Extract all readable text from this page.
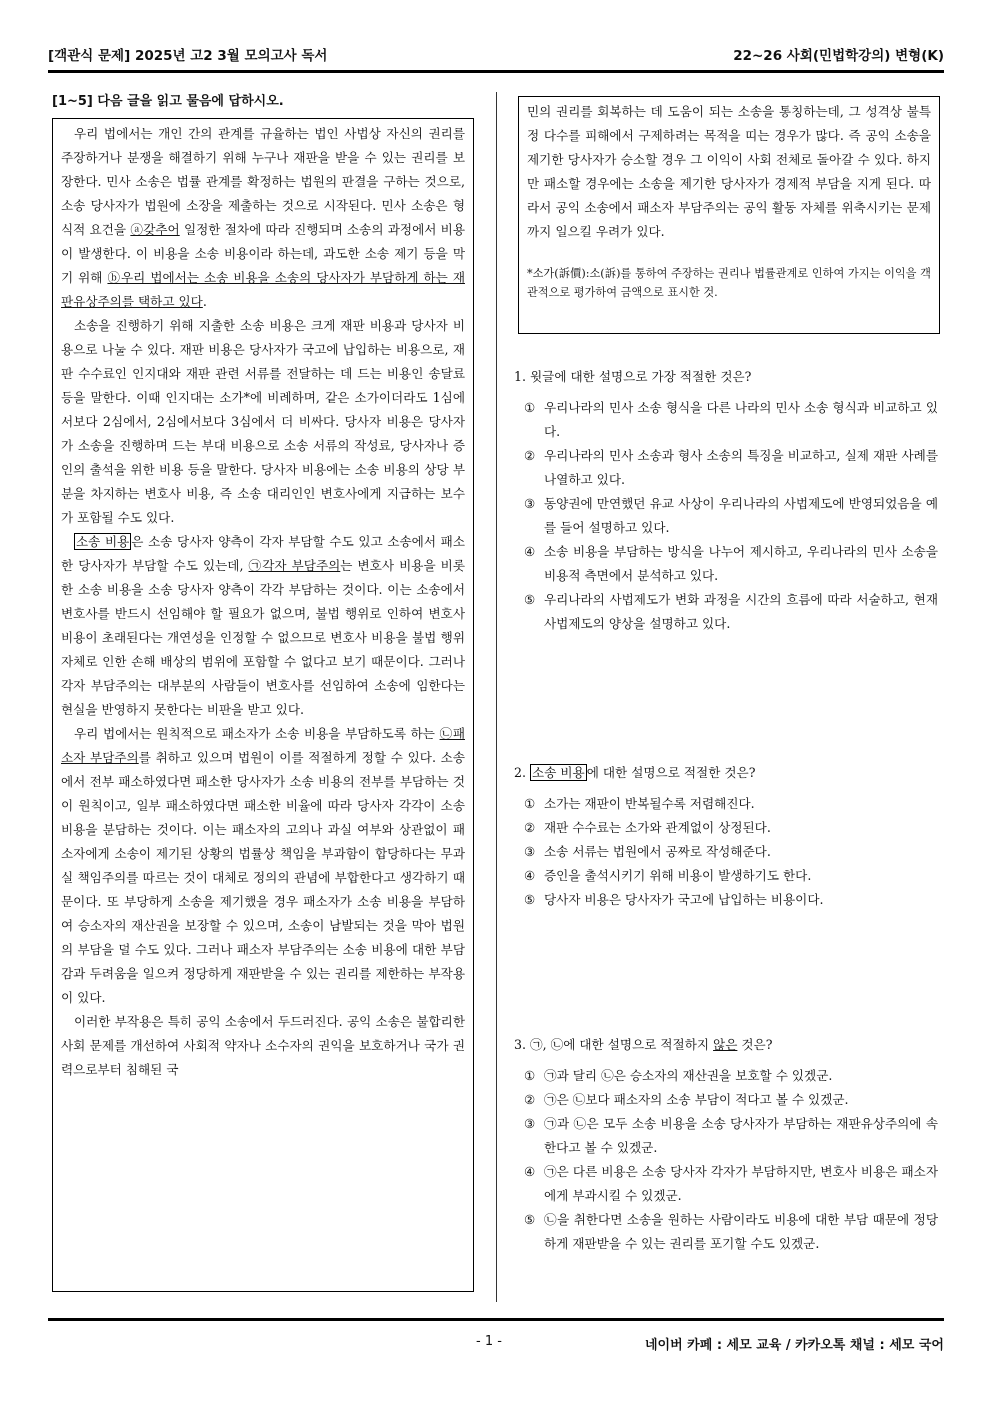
[객관식 문제] 2025년 고2 3월 모의고사 독서	22~26 사회(민법학강의) 변형(K)
[1~5] 다음 글을 읽고 물음에 답하시오.

우리 법에서는 개인 간의 관계를 규율하는 법인 사법상 자신의 권리를 주장하거나 분쟁을 해결하기 위해 누구나 재판을 받을 수 있는 권리를 보장한다. 민사 소송은 법률 관계를 확정하는 법원의 판결을 구하는 것으로, 소송 당사자가 법원에 소장을 제출하는 것으로 시작된다. 민사 소송은 형식적 요건을 ⓐ갖추어 일정한 절차에 따라 진행되며 소송의 과정에서 비용이 발생한다. 이 비용을 소송 비용이라 하는데, 과도한 소송 제기 등을 막기 위해 ⓑ우리 법에서는 소송 비용을 소송의 당사자가 부담하게 하는 재판유상주의를 택하고 있다.

소송을 진행하기 위해 지출한 소송 비용은 크게 재판 비용과 당사자 비용으로 나눌 수 있다. 재판 비용은 당사자가 국고에 납입하는 비용으로, 재판 수수료인 인지대와 재판 관련 서류를 전달하는 데 드는 비용인 송달료 등을 말한다. 이때 인지대는 소가*에 비례하며, 같은 소가이더라도 1심에서보다 2심에서, 2심에서보다 3심에서 더 비싸다. 당사자 비용은 당사자가 소송을 진행하며 드는 부대 비용으로 소송 서류의 작성료, 당사자나 증인의 출석을 위한 비용 등을 말한다. 당사자 비용에는 소송 비용의 상당 부분을 차지하는 변호사 비용, 즉 소송 대리인인 변호사에게 지급하는 보수가 포함될 수도 있다.

소송 비용 은 소송 당사자 양측이 각자 부담할 수도 있고 소송에서 패소한 당사자가 부담할 수도 있는데, ㉠각자 부담주의는 변호사 비용을 비롯한 소송 비용을 소송 당사자 양측이 각각 부담하는 것이다. 이는 소송에서 변호사를 반드시 선임해야 할 필요가 없으며, 불법 행위로 인하여 변호사 비용이 초래된다는 개연성을 인정할 수 없으므로 변호사 비용을 불법 행위 자체로 인한 손해 배상의 범위에 포함할 수 없다고 보기 때문이다. 그러나 각자 부담주의는 대부분의 사람들이 변호사를 선임하여 소송에 임한다는 현실을 반영하지 못한다는 비판을 받고 있다.

우리 법에서는 원칙적으로 패소자가 소송 비용을 부담하도록 하는 ㉡패소자 부담주의를 취하고 있으며 법원이 이를 적절하게 정할 수 있다. 소송에서 전부 패소하였다면 패소한 당사자가 소송 비용의 전부를 부담하는 것이 원칙이고, 일부 패소하였다면 패소한 비율에 따라 당사자 각각이 소송 비용을 분담하는 것이다. 이는 패소자의 고의나 과실 여부와 상관없이 패소자에게 소송이 제기된 상황의 법률상 책임을 부과함이 합당하다는 무과실 책임주의를 따르는 것이 대체로 정의의 관념에 부합한다고 생각하기 때문이다. 또 부당하게 소송을 제기했을 경우 패소자가 소송 비용을 부담하여 승소자의 재산권을 보장할 수 있으며, 소송이 남발되는 것을 막아 법원의 부담을 덜 수도 있다. 그러나 패소자 부담주의는 소송 비용에 대한 부담감과 두려움을 일으켜 정당하게 재판받을 수 있는 권리를 제한하는 부작용이 있다.

이러한 부작용은 특히 공익 소송에서 두드러진다. 공익 소송은 불합리한 사회 문제를 개선하여 사회적 약자나 소수자의 권익을 보호하거나 국가 권력으로부터 침해된 국

민의 권리를 회복하는 데 도움이 되는 소송을 통칭하는데, 그 성격상 불특정 다수를 피해에서 구제하려는 목적을 띠는 경우가 많다. 즉 공익 소송을 제기한 당사자가 승소할 경우 그 이익이 사회 전체로 돌아갈 수 있다. 하지만 패소할 경우에는 소송을 제기한 당사자가 경제적 부담을 지게 된다. 따라서 공익 소송에서 패소자 부담주의는 공익 활동 자체를 위축시키는 문제까지 일으킬 우려가 있다.

*소가(訴價):소(訴)를 통하여 주장하는 권리나 법률관계로 인하여 가지는 이익을 객관적으로 평가하여 금액으로 표시한 것.

1. 윗글에 대한 설명으로 가장 적절한 것은?

① 우리나라의 민사 소송 형식을 다른 나라의 민사 소송 형식과 비교하고 있다.

② 우리나라의 민사 소송과 형사 소송의 특징을 비교하고, 실제 재판 사례를 나열하고 있다.

③ 동양권에 만연했던 유교 사상이 우리나라의 사법제도에 반영되었음을 예를 들어 설명하고 있다.

④ 소송 비용을 부담하는 방식을 나누어 제시하고, 우리나라의 민사 소송을 비용적 측면에서 분석하고 있다.

⑤ 우리나라의 사법제도가 변화 과정을 시간의 흐름에 따라 서술하고, 현재 사법제도의 양상을 설명하고 있다.

2. 소송 비용 에 대한 설명으로 적절한 것은?

① 소가는 재판이 반복될수록 저렴해진다.

② 재판 수수료는 소가와 관계없이 상정된다.

③ 소송 서류는 법원에서 공짜로 작성해준다.

④ 증인을 출석시키기 위해 비용이 발생하기도 한다.

⑤ 당사자 비용은 당사자가 국고에 납입하는 비용이다.

3. ㉠, ㉡에 대한 설명으로 적절하지 않은 것은?

① ㉠과 달리 ㉡은 승소자의 재산권을 보호할 수 있겠군.

② ㉠은 ㉡보다 패소자의 소송 부담이 적다고 볼 수 있겠군.

③ ㉠과 ㉡은 모두 소송 비용을 소송 당사자가 부담하는 재판유상주의에 속한다고 볼 수 있겠군.

④ ㉠은 다른 비용은 소송 당사자 각자가 부담하지만, 변호사 비용은 패소자에게 부과시킬 수 있겠군.

⑤ ㉡을 취한다면 소송을 원하는 사람이라도 비용에 대한 부담 때문에 정당하게 재판받을 수 있는 권리를 포기할 수도 있겠군.

- 1 -	네이버 카페 : 세모 교육 / 카카오톡 채널 : 세모 국어
